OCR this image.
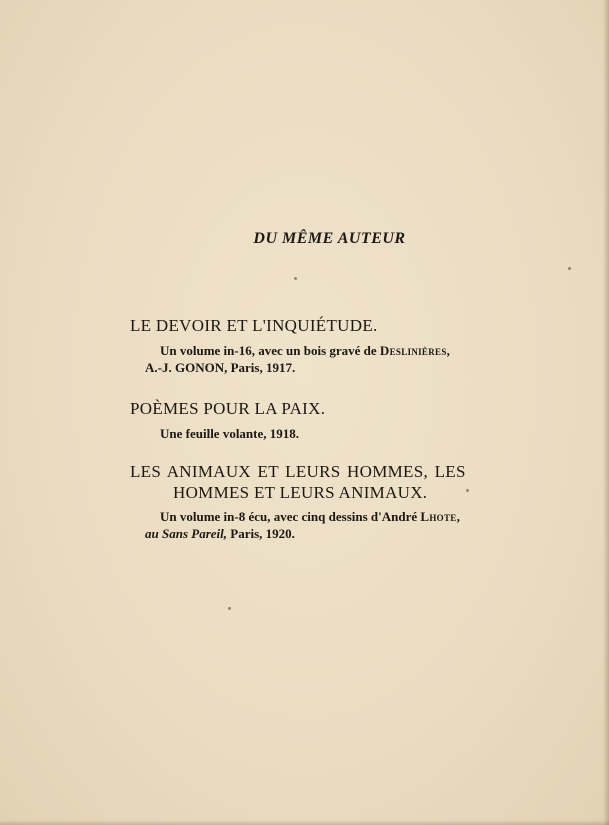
DU MÊME AUTEUR
LE DEVOIR ET L'INQUIÉTUDE.
Un volume in-16, avec un bois gravé de Deslinières,
A.-J. GONON, Paris, 1917.
POÈMES POUR LA PAIX.
Une feuille volante, 1918.
LES ANIMAUX ET LEURS HOMMES, LES
HOMMES ET LEURS ANIMAUX.
Un volume in-8 écu, avec cinq dessins d'André Lhote,
au Sans Pareil, Paris, 1920.
